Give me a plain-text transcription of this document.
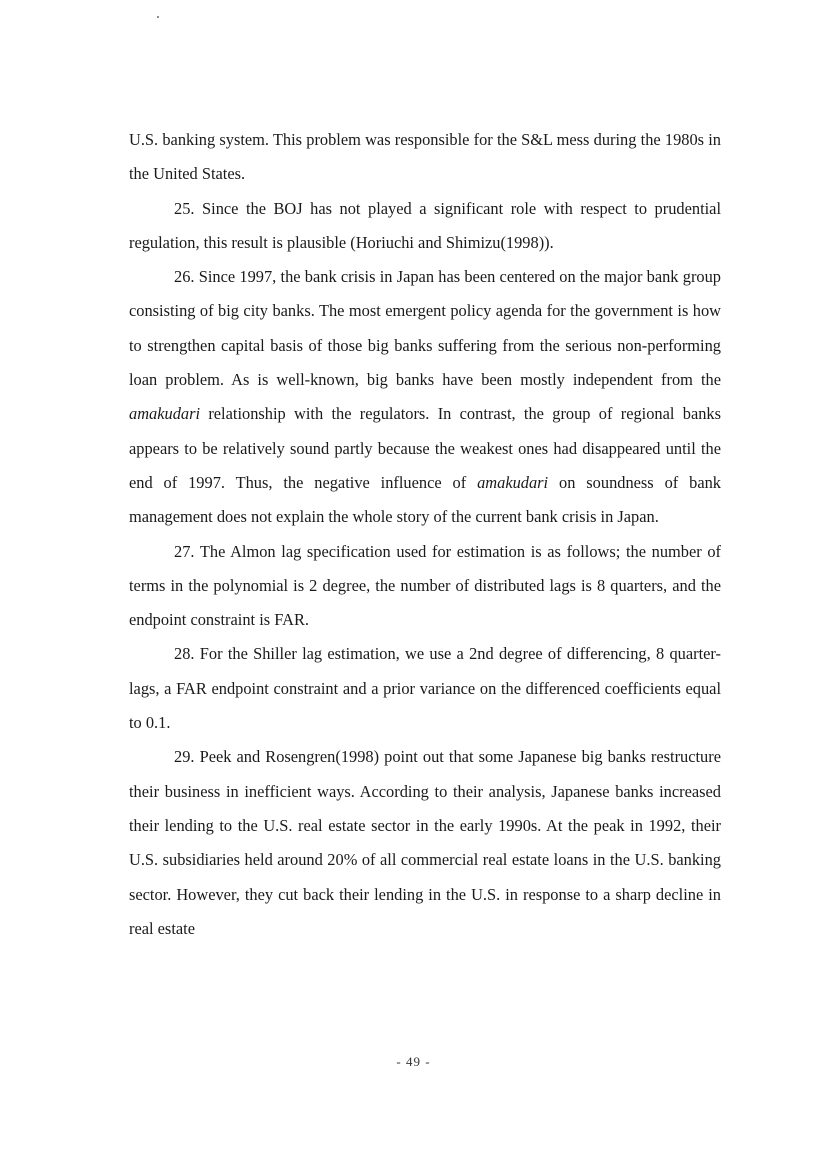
U.S. banking system. This problem was responsible for the S&L mess during the 1980s in the United States.

25. Since the BOJ has not played a significant role with respect to prudential regulation, this result is plausible (Horiuchi and Shimizu(1998)).

26. Since 1997, the bank crisis in Japan has been centered on the major bank group consisting of big city banks. The most emergent policy agenda for the government is how to strengthen capital basis of those big banks suffering from the serious non-performing loan problem. As is well-known, big banks have been mostly independent from the amakudari relationship with the regulators. In contrast, the group of regional banks appears to be relatively sound partly because the weakest ones had disappeared until the end of 1997. Thus, the negative influence of amakudari on soundness of bank management does not explain the whole story of the current bank crisis in Japan.

27. The Almon lag specification used for estimation is as follows; the number of terms in the polynomial is 2 degree, the number of distributed lags is 8 quarters, and the endpoint constraint is FAR.

28. For the Shiller lag estimation, we use a 2nd degree of differencing, 8 quarter-lags, a FAR endpoint constraint and a prior variance on the differenced coefficients equal to 0.1.

29. Peek and Rosengren(1998) point out that some Japanese big banks restructure their business in inefficient ways. According to their analysis, Japanese banks increased their lending to the U.S. real estate sector in the early 1990s. At the peak in 1992, their U.S. subsidiaries held around 20% of all commercial real estate loans in the U.S. banking sector. However, they cut back their lending in the U.S. in response to a sharp decline in real estate

- 49 -
